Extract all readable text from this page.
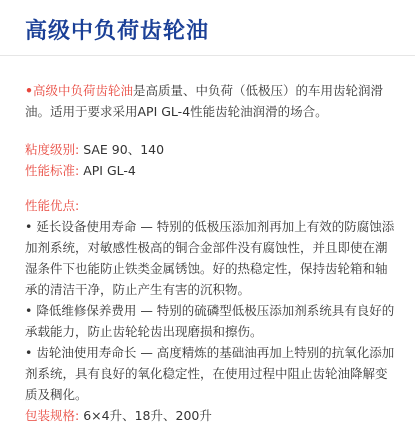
高级中负荷齿轮油

•高级中负荷齿轮油是高质量、中负荷（低极压）的车用齿轮润滑油。适用于要求采用API GL-4性能齿轮油润滑的场合。

粘度级别: SAE 90、140
性能标准: API GL-4
性能优点:

• 延长设备使用寿命 — 特别的低极压添加剂再加上有效的防腐蚀添加剂系统，对敏感性极高的铜合金部件没有腐蚀性，并且即使在潮湿条件下也能防止铁类金属锈蚀。好的热稳定性，保持齿轮箱和轴承的清洁干净，防止产生有害的沉积物。

• 降低维修保养费用 — 特别的硫磷型低极压添加剂系统具有良好的承载能力，防止齿轮轮齿出现磨损和擦伤。

• 齿轮油使用寿命长 — 高度精炼的基础油再加上特别的抗氧化添加剂系统，具有良好的氧化稳定性，在使用过程中阻止齿轮油降解变质及稠化。

包装规格: 6×4升、18升、200升
